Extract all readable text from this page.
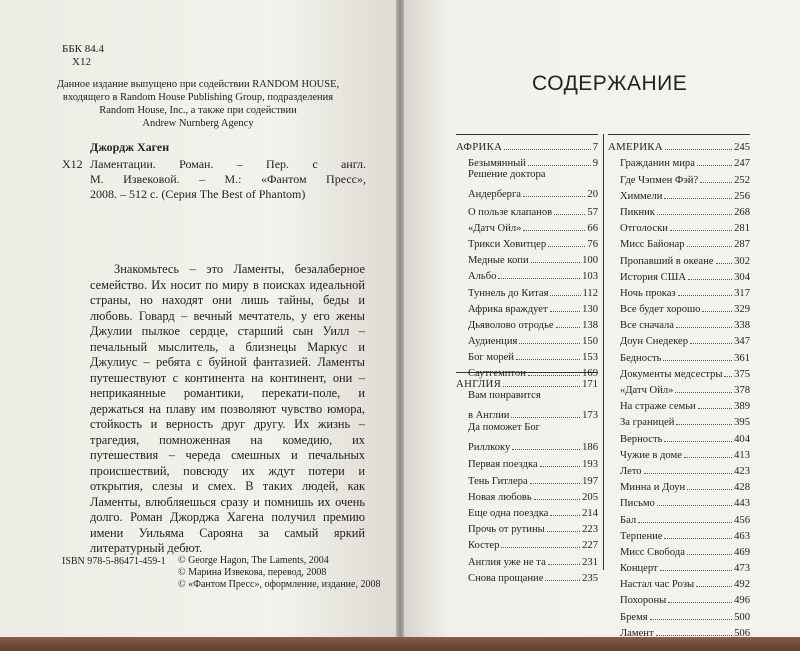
ББК 84.4
Х12
Данное издание выпущено при содействии RANDOM HOUSE,
входящего в Random House Publishing Group, подразделения
Random House, Inc., а также при содействии
Andrew Nurnberg Agency
Джордж Хаген
Х12 Ламентации. Роман. – Пер. с англ.
М. Извековой. – М.: «Фантом Пресс»,
2008. – 512 с. (Серия The Best of Phantom)
Знакомьтесь – это Ламенты, безалаберное семейство. Их носит по миру в поисках идеальной страны, но находят они лишь тайны, беды и любовь. Говард – вечный мечтатель, у его жены Джулии пылкое сердце, старший сын Уилл – печальный мыслитель, а близнецы Маркус и Джулиус – ребята с буйной фантазией. Ламенты путешествуют с континента на континент, они – неприкаянные романтики, перекати-поле, и держаться на плаву им позволяют чувство юмора, стойкость и верность друг другу. Их жизнь – трагедия, помноженная на комедию, их путешествия – череда смешных и печальных происшествий, повсюду их ждут потери и открытия, слезы и смех. В таких людей, как Ламенты, влюбляешься сразу и помнишь их очень долго. Роман Джорджа Хагена получил премию имени Уильяма Сарояна за самый яркий литературный дебют.
ISBN 978-5-86471-459-1 © George Hagon, The Laments, 2004
© Марина Извекова, перевод, 2008
© «Фантом Пресс», оформление, издание, 2008
СОДЕРЖАНИЕ
АФРИКА	7
Безымянный	9
Решение доктора
Андерберга	20
О пользе клапанов	57
«Датч Ойл»	66
Трикси Ховитцер	76
Медные копи	100
Альбо	103
Туннель до Китая	112
Африка враждует	130
Дьяволово отродье	138
Аудиенция	150
Бог морей	153
Саутгемптон	169
АНГЛИЯ	171
Вам понравится
в Англии	173
Да поможет Бог
Риллкоку	186
Первая поездка	193
Тень Гитлера	197
Новая любовь	205
Еще одна поездка	214
Прочь от рутины	223
Костер	227
Англия уже не та	231
Снова прощание	235
АМЕРИКА	245
Гражданин мира	247
Где Чэпмен Фэй?	252
Химмели	256
Пикник	268
Отголоски	281
Мисс Байонар	287
Пропавший в океане 302
История США	304
Ночь проказ	317
Все будет хорошо	329
Все сначала	338
Доун Снедекер	347
Бедность	361
Документы медсестры 375
«Датч Ойл»	378
На страже семьи	389
За границей	395
Верность	404
Чужие в доме	413
Лето	423
Минна и Доун	428
Письмо	443
Бал	456
Терпение	463
Мисс Свобода	469
Концерт	473
Настал час Розы	492
Похороны	496
Бремя	500
Ламент	506
